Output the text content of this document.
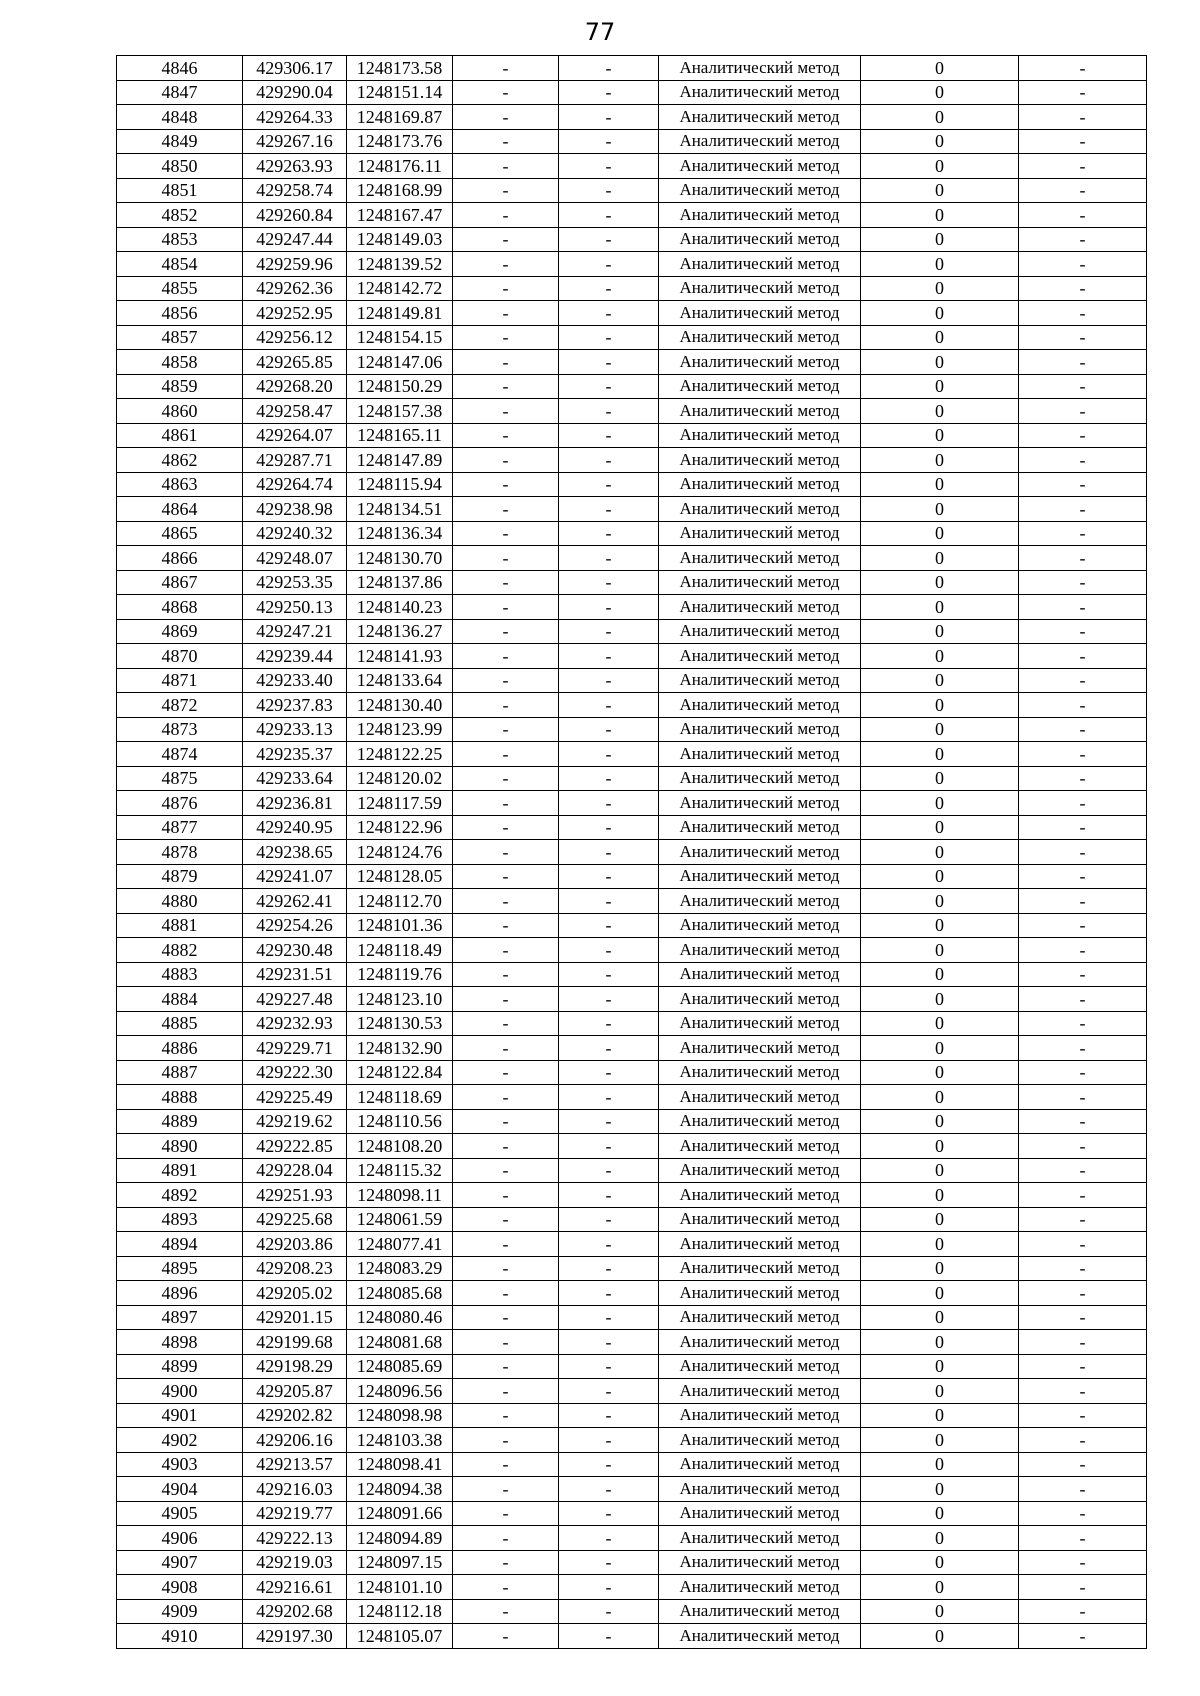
77
4846	429306.17	1248173.58	-	-	Аналитический метод	0	-
4847	429290.04	1248151.14	-	-	Аналитический метод	0	-
4848	429264.33	1248169.87	-	-	Аналитический метод	0	-
4849	429267.16	1248173.76	-	-	Аналитический метод	0	-
4850	429263.93	1248176.11	-	-	Аналитический метод	0	-
4851	429258.74	1248168.99	-	-	Аналитический метод	0	-
4852	429260.84	1248167.47	-	-	Аналитический метод	0	-
4853	429247.44	1248149.03	-	-	Аналитический метод	0	-
4854	429259.96	1248139.52	-	-	Аналитический метод	0	-
4855	429262.36	1248142.72	-	-	Аналитический метод	0	-
4856	429252.95	1248149.81	-	-	Аналитический метод	0	-
4857	429256.12	1248154.15	-	-	Аналитический метод	0	-
4858	429265.85	1248147.06	-	-	Аналитический метод	0	-
4859	429268.20	1248150.29	-	-	Аналитический метод	0	-
4860	429258.47	1248157.38	-	-	Аналитический метод	0	-
4861	429264.07	1248165.11	-	-	Аналитический метод	0	-
4862	429287.71	1248147.89	-	-	Аналитический метод	0	-
4863	429264.74	1248115.94	-	-	Аналитический метод	0	-
4864	429238.98	1248134.51	-	-	Аналитический метод	0	-
4865	429240.32	1248136.34	-	-	Аналитический метод	0	-
4866	429248.07	1248130.70	-	-	Аналитический метод	0	-
4867	429253.35	1248137.86	-	-	Аналитический метод	0	-
4868	429250.13	1248140.23	-	-	Аналитический метод	0	-
4869	429247.21	1248136.27	-	-	Аналитический метод	0	-
4870	429239.44	1248141.93	-	-	Аналитический метод	0	-
4871	429233.40	1248133.64	-	-	Аналитический метод	0	-
4872	429237.83	1248130.40	-	-	Аналитический метод	0	-
4873	429233.13	1248123.99	-	-	Аналитический метод	0	-
4874	429235.37	1248122.25	-	-	Аналитический метод	0	-
4875	429233.64	1248120.02	-	-	Аналитический метод	0	-
4876	429236.81	1248117.59	-	-	Аналитический метод	0	-
4877	429240.95	1248122.96	-	-	Аналитический метод	0	-
4878	429238.65	1248124.76	-	-	Аналитический метод	0	-
4879	429241.07	1248128.05	-	-	Аналитический метод	0	-
4880	429262.41	1248112.70	-	-	Аналитический метод	0	-
4881	429254.26	1248101.36	-	-	Аналитический метод	0	-
4882	429230.48	1248118.49	-	-	Аналитический метод	0	-
4883	429231.51	1248119.76	-	-	Аналитический метод	0	-
4884	429227.48	1248123.10	-	-	Аналитический метод	0	-
4885	429232.93	1248130.53	-	-	Аналитический метод	0	-
4886	429229.71	1248132.90	-	-	Аналитический метод	0	-
4887	429222.30	1248122.84	-	-	Аналитический метод	0	-
4888	429225.49	1248118.69	-	-	Аналитический метод	0	-
4889	429219.62	1248110.56	-	-	Аналитический метод	0	-
4890	429222.85	1248108.20	-	-	Аналитический метод	0	-
4891	429228.04	1248115.32	-	-	Аналитический метод	0	-
4892	429251.93	1248098.11	-	-	Аналитический метод	0	-
4893	429225.68	1248061.59	-	-	Аналитический метод	0	-
4894	429203.86	1248077.41	-	-	Аналитический метод	0	-
4895	429208.23	1248083.29	-	-	Аналитический метод	0	-
4896	429205.02	1248085.68	-	-	Аналитический метод	0	-
4897	429201.15	1248080.46	-	-	Аналитический метод	0	-
4898	429199.68	1248081.68	-	-	Аналитический метод	0	-
4899	429198.29	1248085.69	-	-	Аналитический метод	0	-
4900	429205.87	1248096.56	-	-	Аналитический метод	0	-
4901	429202.82	1248098.98	-	-	Аналитический метод	0	-
4902	429206.16	1248103.38	-	-	Аналитический метод	0	-
4903	429213.57	1248098.41	-	-	Аналитический метод	0	-
4904	429216.03	1248094.38	-	-	Аналитический метод	0	-
4905	429219.77	1248091.66	-	-	Аналитический метод	0	-
4906	429222.13	1248094.89	-	-	Аналитический метод	0	-
4907	429219.03	1248097.15	-	-	Аналитический метод	0	-
4908	429216.61	1248101.10	-	-	Аналитический метод	0	-
4909	429202.68	1248112.18	-	-	Аналитический метод	0	-
4910	429197.30	1248105.07	-	-	Аналитический метод	0	-
